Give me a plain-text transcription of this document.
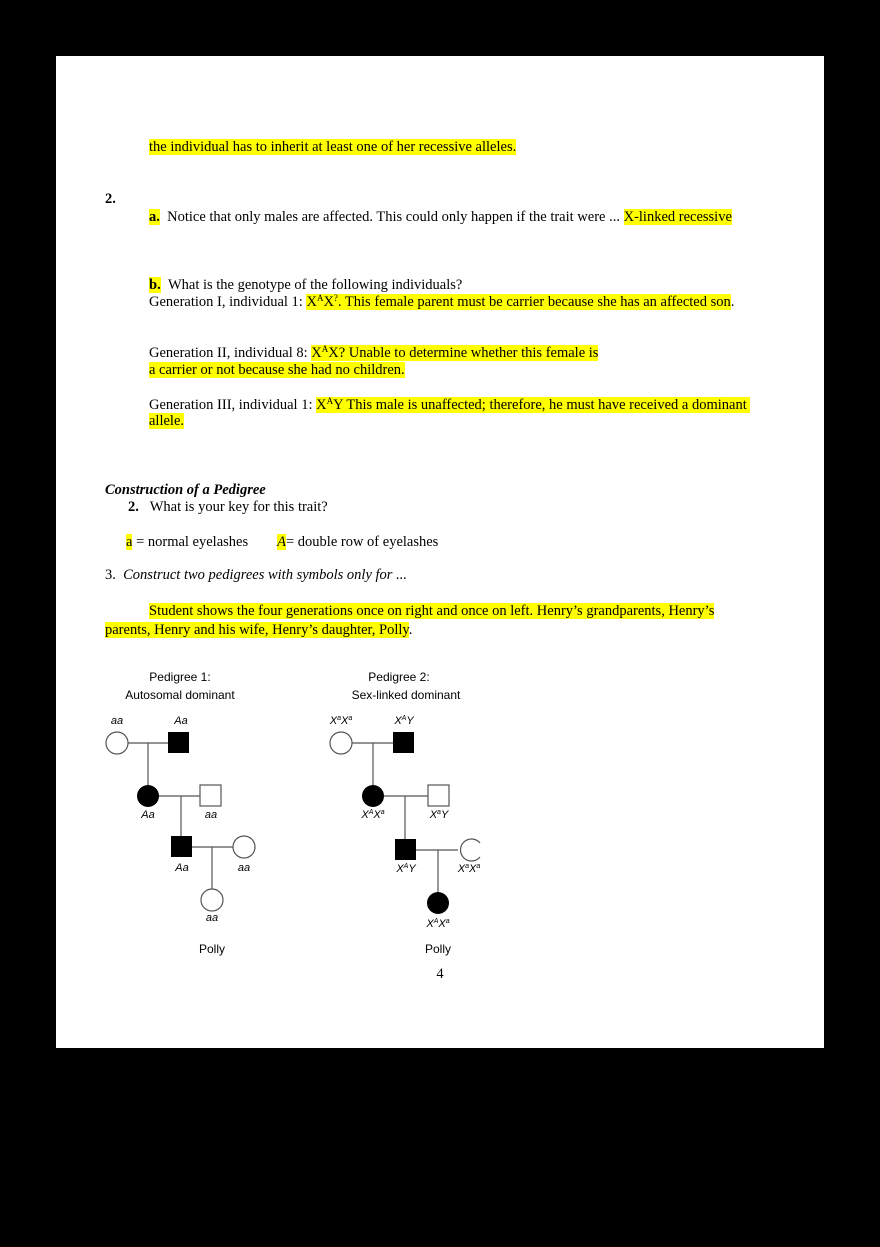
the individual has to inherit at least one of her recessive alleles.
2.
a. Notice that only males are affected. This could only happen if the trait were ... X-linked recessive
b. What is the genotype of the following individuals?
Generation I, individual 1: $X^AX^?$. This female parent must be carrier because she has an affected son.
Generation II, individual 8: $X^AX$? Unable to determine whether this female is
a carrier or not because she had no children.
Generation III, individual 1: $X^AY$ This male is unaffected; therefore, he must have received a dominant
allele.
Construction of a Pedigree
2. What is your key for this trait?
a = normal eyelashes A= double row of eyelashes
3. Construct two pedigrees with symbols only for ...
Student shows the four generations once on right and once on left. Henry’s grandparents, Henry’s
parents, Henry and his wife, Henry’s daughter, Polly.
Pedigree 1:
Autosomal dominant
aa	Aa
Aa	aa
Aa	aa
aa
Polly
Pedigree 2:
Sex-linked dominant
$X^aX^a$	$X^AY$
$X^AX^a$	$X^aY$
$X^AY$	$X^aX^a$
$X^AX^a$
Polly
4
